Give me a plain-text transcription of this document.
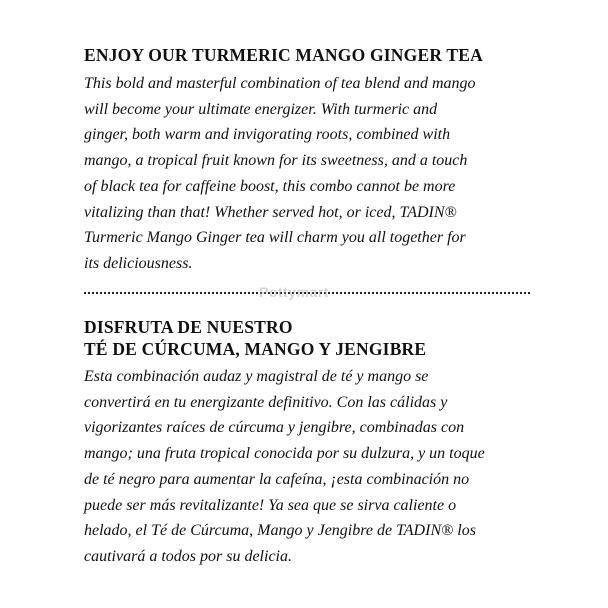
ENJOY OUR TURMERIC MANGO GINGER TEA

This bold and masterful combination of tea blend and mango
will become your ultimate energizer. With turmeric and
ginger, both warm and invigorating roots, combined with
mango, a tropical fruit known for its sweetness, and a touch
of black tea for caffeine boost, this combo cannot be more
vitalizing than that! Whether served hot, or iced, TADIN®
Turmeric Mango Ginger tea will charm you all together for
its deliciousness.

Pottymart
DISFRUTA DE NUESTRO
TÉ DE CÚRCUMA, MANGO Y JENGIBRE

Esta combinación audaz y magistral de té y mango se
convertirá en tu energizante definitivo. Con las cálidas y
vigorizantes raíces de cúrcuma y jengibre, combinadas con
mango; una fruta tropical conocida por su dulzura, y un toque
de té negro para aumentar la cafeína, ¡esta combinación no
puede ser más revitalizante! Ya sea que se sirva caliente o
helado, el Té de Cúrcuma, Mango y Jengibre de TADIN® los
cautivará a todos por su delicia.
